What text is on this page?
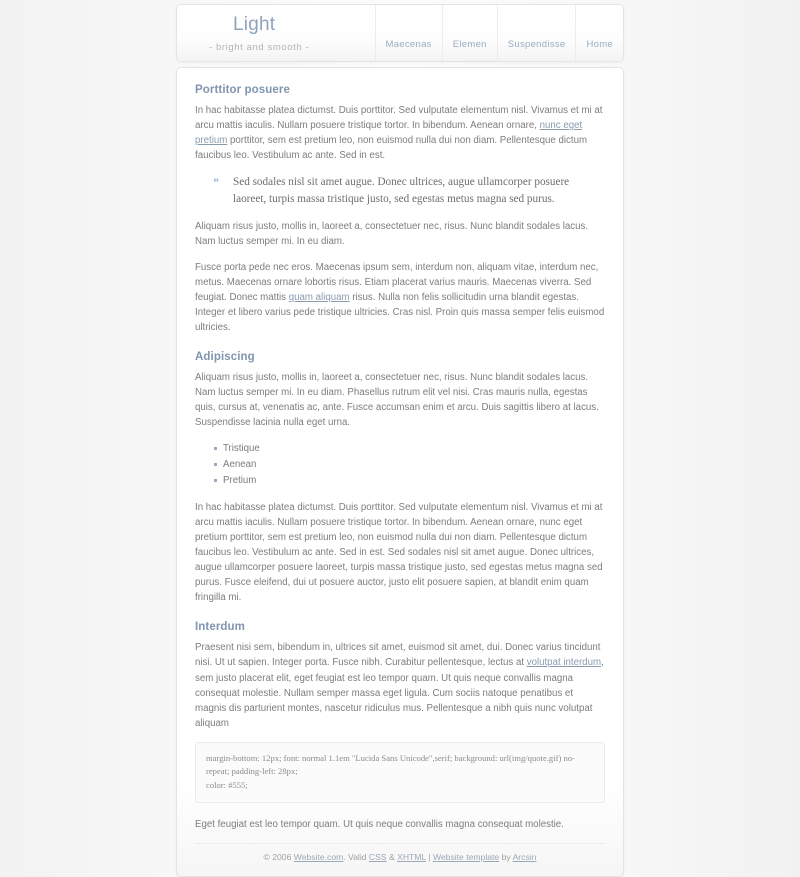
Light
- bright and smooth -	Maecenas	Elemen	Suspendisse	Home
Porttitor posuere

In hac habitasse platea dictumst. Duis porttitor. Sed vulputate elementum nisl. Vivamus et mi at arcu mattis iaculis. Nullam posuere tristique tortor. In bibendum. Aenean ornare, nunc eget pretium porttitor, sem est pretium leo, non euismod nulla dui non diam. Pellentesque dictum faucibus leo. Vestibulum ac ante. Sed in est.

❝ Sed sodales nisl sit amet augue. Donec ultrices, augue ullamcorper posuere laoreet, turpis massa tristique justo, sed egestas metus magna sed purus.

Aliquam risus justo, mollis in, laoreet a, consectetuer nec, risus. Nunc blandit sodales lacus. Nam luctus semper mi. In eu diam.

Fusce porta pede nec eros. Maecenas ipsum sem, interdum non, aliquam vitae, interdum nec, metus. Maecenas ornare lobortis risus. Etiam placerat varius mauris. Maecenas viverra. Sed feugiat. Donec mattis quam aliquam risus. Nulla non felis sollicitudin urna blandit egestas. Integer et libero varius pede tristique ultricies. Cras nisl. Proin quis massa semper felis euismod ultricies.

Adipiscing

Aliquam risus justo, mollis in, laoreet a, consectetuer nec, risus. Nunc blandit sodales lacus. Nam luctus semper mi. In eu diam. Phasellus rutrum elit vel nisi. Cras mauris nulla, egestas quis, cursus at, venenatis ac, ante. Fusce accumsan enim et arcu. Duis sagittis libero at lacus. Suspendisse lacinia nulla eget urna.

Tristique
Aenean
Pretium

In hac habitasse platea dictumst. Duis porttitor. Sed vulputate elementum nisl. Vivamus et mi at arcu mattis iaculis. Nullam posuere tristique tortor. In bibendum. Aenean ornare, nunc eget pretium porttitor, sem est pretium leo, non euismod nulla dui non diam. Pellentesque dictum faucibus leo. Vestibulum ac ante. Sed in est. Sed sodales nisl sit amet augue. Donec ultrices, augue ullamcorper posuere laoreet, turpis massa tristique justo, sed egestas metus magna sed purus. Fusce eleifend, dui ut posuere auctor, justo elit posuere sapien, at blandit enim quam fringilla mi.

Interdum

Praesent nisi sem, bibendum in, ultrices sit amet, euismod sit amet, dui. Donec varius tincidunt nisi. Ut ut sapien. Integer porta. Fusce nibh. Curabitur pellentesque, lectus at volutpat interdum, sem justo placerat elit, eget feugiat est leo tempor quam. Ut quis neque convallis magna consequat molestie. Nullam semper massa eget ligula. Cum sociis natoque penatibus et magnis dis parturient montes, nascetur ridiculus mus. Pellentesque a nibh quis nunc volutpat aliquam

margin-bottom: 12px; font: normal 1.1em "Lucida Sans Unicode",serif; background: url(img/quote.gif) no-repeat; padding-left: 28px;
color: #555;

Eget feugiat est leo tempor quam. Ut quis neque convallis magna consequat molestie.

© 2006 Website.com. Valid CSS & XHTML | Website template by Arcsin
